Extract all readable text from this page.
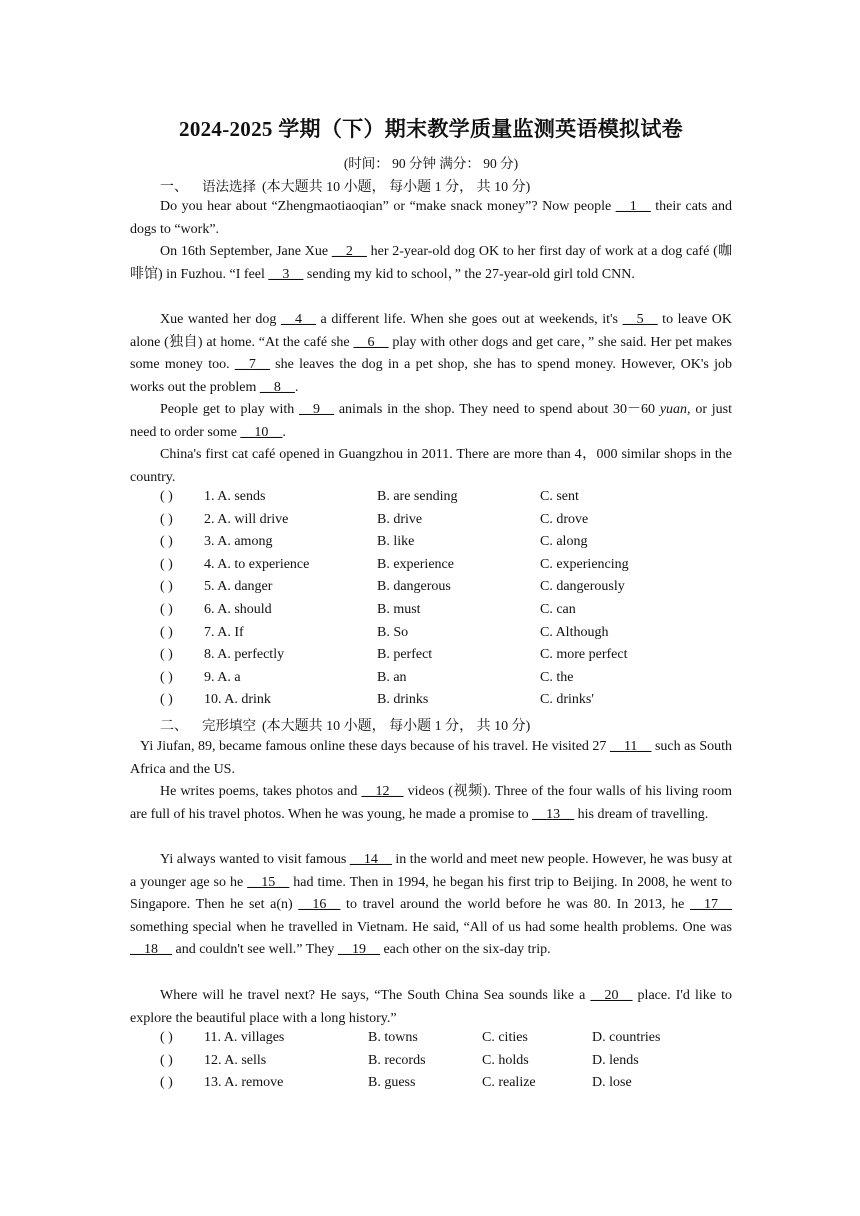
2024-2025 学期（下）期末教学质量监测英语模拟试卷
(时间： 90 分钟 满分： 90 分)
一、 语法选择 (本大题共 10 小题， 每小题 1 分， 共 10 分)
Do you hear about “Zhengmaotiaoqian” or “make snack money”? Now people __1__ their cats and dogs to “work”.
On 16th September, Jane Xue __2__ her 2-year-old dog OK to her first day of work at a dog café (咖啡馆) in Fuzhou. “I feel __3__ sending my kid to school，” the 27-year-old girl told CNN.
Xue wanted her dog __4__ a different life. When she goes out at weekends, it's __5__ to leave OK alone (独自) at home. “At the café she __6__ play with other dogs and get care，” she said. Her pet makes some money too. __7__ she leaves the dog in a pet shop, she has to spend money. However, OK's job works out the problem __8__.
People get to play with __9__ animals in the shop. They need to spend about 30－60 yuan, or just need to order some __10__.
China's first cat café opened in Guangzhou in 2011. There are more than 4，000 similar shops in the country.
( ) 1. A. sends	B. are sending	C. sent
( ) 2. A. will drive	B. drive	C. drove
( ) 3. A. among	B. like	C. along
( ) 4. A. to experience	B. experience	C. experiencing
( ) 5. A. danger	B. dangerous	C. dangerously
( ) 6. A. should	B. must	C. can
( ) 7. A. If	B. So	C. Although
( ) 8. A. perfectly	B. perfect	C. more perfect
( ) 9. A. a	B. an	C. the
( ) 10. A. drink	B. drinks	C. drinks'
二、 完形填空 (本大题共 10 小题， 每小题 1 分， 共 10 分)
Yi Jiufan, 89, became famous online these days because of his travel. He visited 27 __11__ such as South Africa and the US.
He writes poems, takes photos and __12__ videos (视频). Three of the four walls of his living room are full of his travel photos. When he was young, he made a promise to __13__ his dream of travelling.
Yi always wanted to visit famous __14__ in the world and meet new people. However, he was busy at a younger age so he __15__ had time. Then in 1994, he began his first trip to Beijing. In 2008, he went to Singapore. Then he set a(n) __16__ to travel around the world before he was 80. In 2013, he __17__ something special when he travelled in Vietnam. He said, “All of us had some health problems. One was __18__ and couldn't see well.” They __19__ each other on the six-day trip.
Where will he travel next? He says, “The South China Sea sounds like a __20__ place. I'd like to explore the beautiful place with a long history.”
( ) 11. A. villages	B. towns	C. cities	D. countries
( ) 12. A. sells	B. records	C. holds	D. lends
( ) 13. A. remove	B. guess	C. realize	D. lose
